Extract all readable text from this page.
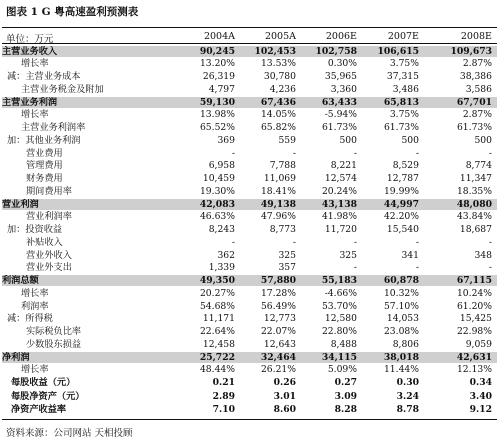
图表 1 G 粤高速盈利预测表
单位：万元	2004A	2005A	2006E	2007E	2008E
主营业务收入	90,245	102,453	102,758	106,615	109,673
增长率	13.20%	13.53%	0.30%	3.75%	2.87%
减：主营业务成本	26,319	30,780	35,965	37,315	38,386
主营业务税金及附加	4,797	4,236	3,360	3,486	3,586
主营业务利润	59,130	67,436	63,433	65,813	67,701
增长率	13.98%	14.05%	-5.94%	3.75%	2.87%
主营业务利润率	65.52%	65.82%	61.73%	61.73%	61.73%
加：其他业务利润	369	559	500	500	500
营业费用	-	-	-	-	-
管理费用	6,958	7,788	8,221	8,529	8,774
财务费用	10,459	11,069	12,574	12,787	11,347
期间费用率	19.30%	18.41%	20.24%	19.99%	18.35%
营业利润	42,083	49,138	43,138	44,997	48,080
营业利润率	46.63%	47.96%	41.98%	42.20%	43.84%
加：投资收益	8,243	8,773	11,720	15,540	18,687
补贴收入	-	-	-	-	-
营业外收入	362	325	325	341	348
营业外支出	1,339	357	-	-	-
利润总额	49,350	57,880	55,183	60,878	67,115
增长率	20.27%	17.28%	-4.66%	10.32%	10.24%
利润率	54.68%	56.49%	53.70%	57.10%	61.20%
减：所得税	11,171	12,773	12,580	14,053	15,425
实际税负比率	22.64%	22.07%	22.80%	23.08%	22.98%
少数股东损益	12,458	12,643	8,488	8,806	9,059
净利润	25,722	32,464	34,115	38,018	42,631
增长率	48.44%	26.21%	5.09%	11.44%	12.13%
每股收益（元）	0.21	0.26	0.27	0.30	0.34
每股净资产（元）	2.89	3.01	3.09	3.24	3.40
净资产收益率	7.10	8.60	8.28	8.78	9.12
资料来源：公司网站 天相投顾
